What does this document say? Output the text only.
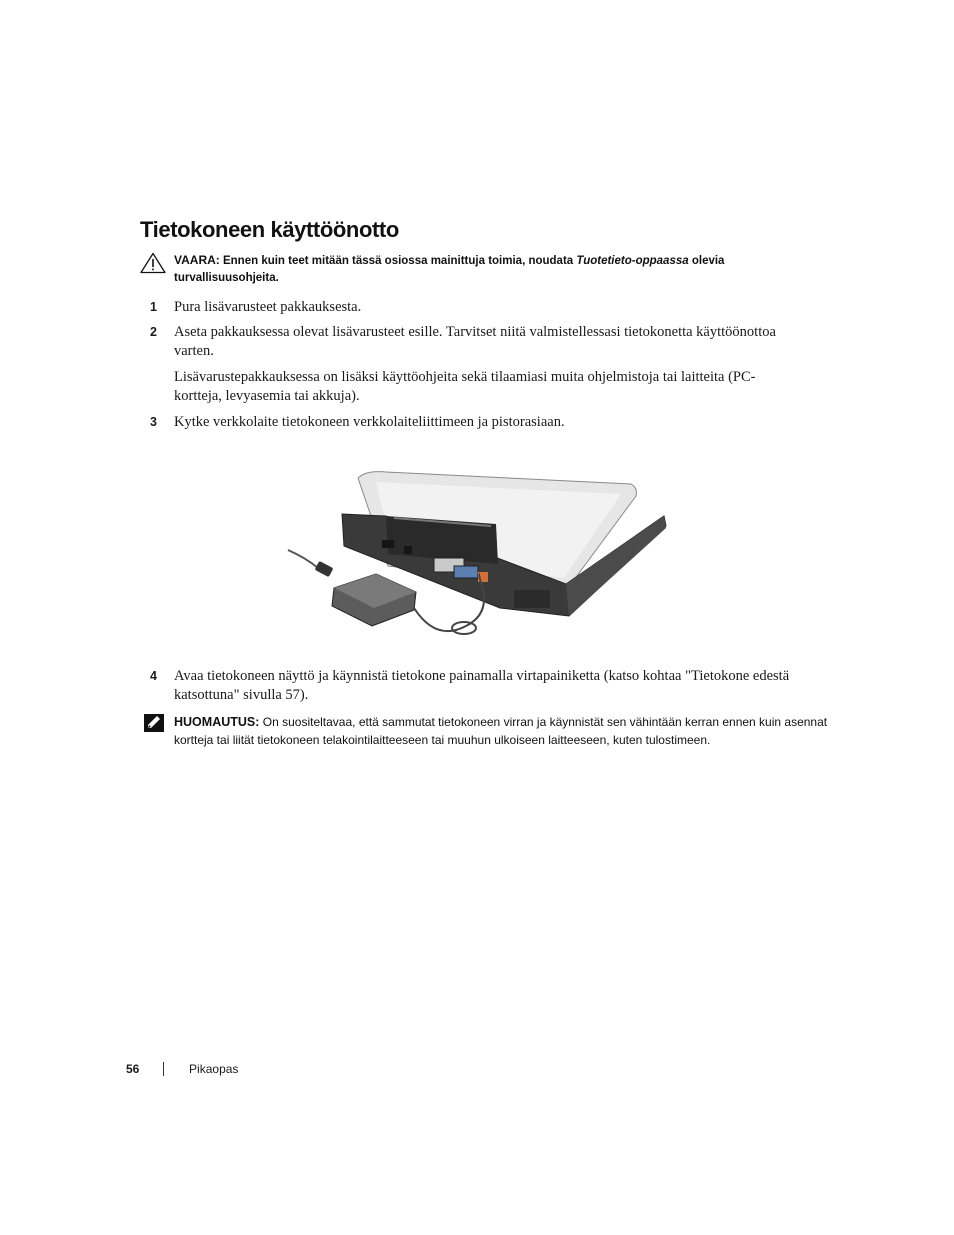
Tietokoneen käyttöönotto
VAARA: Ennen kuin teet mitään tässä osiossa mainittuja toimia, noudata Tuotetieto-oppaassa olevia turvallisuusohjeita.
1	Pura lisävarusteet pakkauksesta.
2	Aseta pakkauksessa olevat lisävarusteet esille. Tarvitset niitä valmistellessasi tietokonetta käyttöönottoa varten.
Lisävarustepakkauksessa on lisäksi käyttöohjeita sekä tilaamiasi muita ohjelmistoja tai laitteita (PC-kortteja, levyasemia tai akkuja).
3	Kytke verkkolaite tietokoneen verkkolaiteliittimeen ja pistorasiaan.
4	Avaa tietokoneen näyttö ja käynnistä tietokone painamalla virtapainiketta (katso kohtaa "Tietokone edestä katsottuna" sivulla 57).
HUOMAUTUS: On suositeltavaa, että sammutat tietokoneen virran ja käynnistät sen vähintään kerran ennen kuin asennat kortteja tai liität tietokoneen telakointilaitteeseen tai muuhun ulkoiseen laitteeseen, kuten tulostimeen.
56	Pikaopas
